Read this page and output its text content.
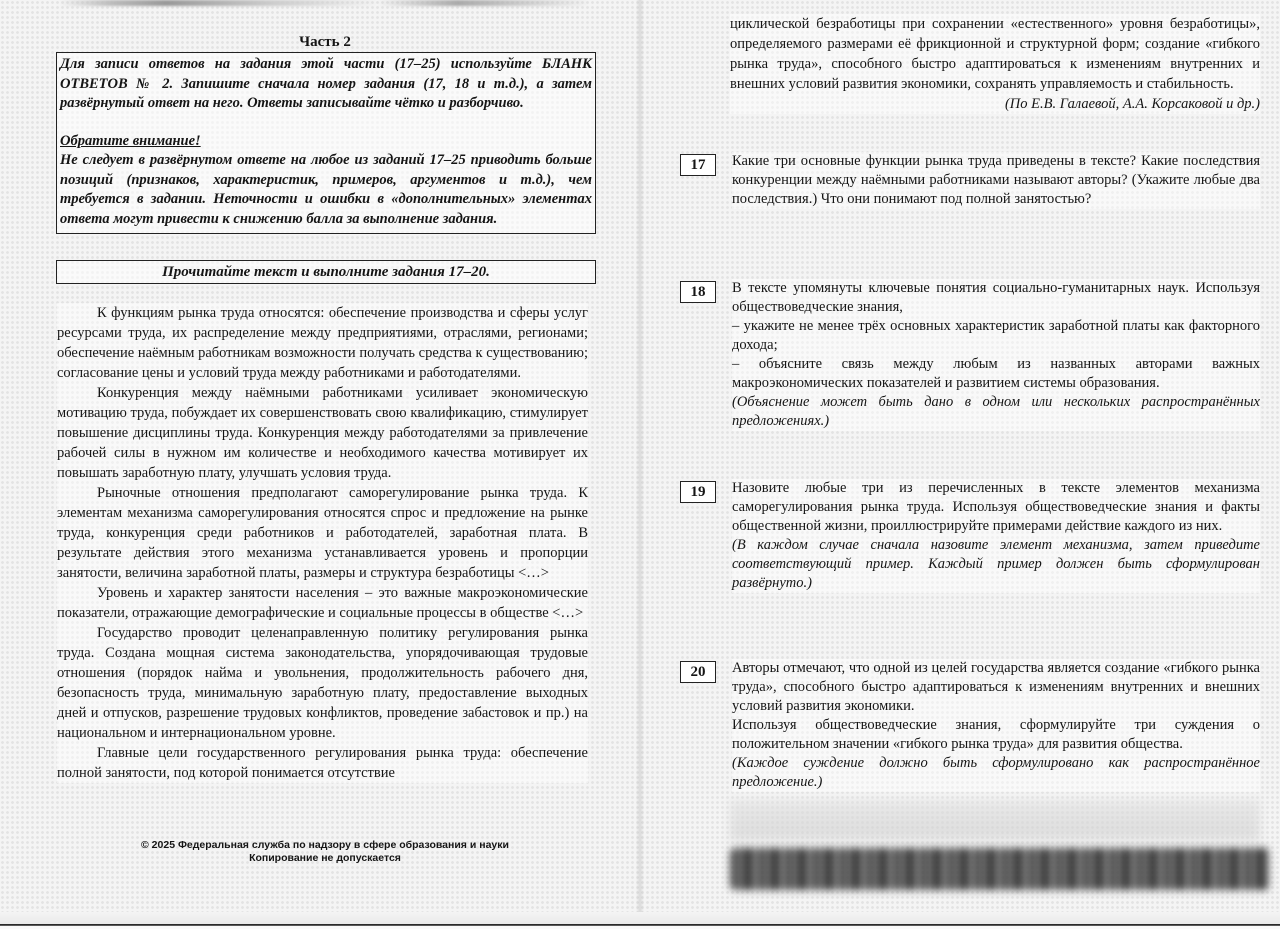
Часть 2

Для записи ответов на задания этой части (17–25) используйте БЛАНК ОТВЕТОВ № 2. Запишите сначала номер задания (17, 18 и т.д.), а затем развёрнутый ответ на него. Ответы записывайте чётко и разборчиво.

Обратите внимание!

Не следует в развёрнутом ответе на любое из заданий 17–25 приводить больше позиций (признаков, характеристик, примеров, аргументов и т.д.), чем требуется в задании. Неточности и ошибки в «дополнительных» элементах ответа могут привести к снижению балла за выполнение задания.

Прочитайте текст и выполните задания 17–20.

К функциям рынка труда относятся: обеспечение производства и сферы услуг ресурсами труда, их распределение между предприятиями, отраслями, регионами; обеспечение наёмным работникам возможности получать средства к существованию; согласование цены и условий труда между работниками и работодателями.

Конкуренция между наёмными работниками усиливает экономическую мотивацию труда, побуждает их совершенствовать свою квалификацию, стимулирует повышение дисциплины труда. Конкуренция между работодателями за привлечение рабочей силы в нужном им количестве и необходимого качества мотивирует их повышать заработную плату, улучшать условия труда.

Рыночные отношения предполагают саморегулирование рынка труда. К элементам механизма саморегулирования относятся спрос и предложение на рынке труда, конкуренция среди работников и работодателей, заработная плата. В результате действия этого механизма устанавливается уровень и пропорции занятости, величина заработной платы, размеры и структура безработицы <…>

Уровень и характер занятости населения – это важные макроэкономические показатели, отражающие демографические и социальные процессы в обществе <…>

Государство проводит целенаправленную политику регулирования рынка труда. Создана мощная система законодательства, упорядочивающая трудовые отношения (порядок найма и увольнения, продолжительность рабочего дня, безопасность труда, минимальную заработную плату, предоставление выходных дней и отпусков, разрешение трудовых конфликтов, проведение забастовок и пр.) на национальном и интернациональном уровне.

Главные цели государственного регулирования рынка труда: обеспечение полной занятости, под которой понимается отсутствие

© 2025 Федеральная служба по надзору в сфере образования и науки
Копирование не допускается

циклической безработицы при сохранении «естественного» уровня безработицы», определяемого размерами её фрикционной и структурной форм; создание «гибкого рынка труда», способного быстро адаптироваться к изменениям внутренних и внешних условий развития экономики, сохранять управляемость и стабильность.

(По Е.В. Галаевой, А.А. Корсаковой и др.)
17	Какие три основные функции рынка труда приведены в тексте? Какие последствия конкуренции между наёмными работниками называют авторы? (Укажите любые два последствия.) Что они понимают под полной занятостью?

18	В тексте упомянуты ключевые понятия социально-гуманитарных наук. Используя обществоведческие знания,

– укажите не менее трёх основных характеристик заработной платы как факторного дохода;

– объясните связь между любым из названных авторами важных макроэкономических показателей и развитием системы образования.

(Объяснение может быть дано в одном или нескольких распространённых предложениях.)

19	Назовите любые три из перечисленных в тексте элементов механизма саморегулирования рынка труда. Используя обществоведческие знания и факты общественной жизни, проиллюстрируйте примерами действие каждого из них.

(В каждом случае сначала назовите элемент механизма, затем приведите соответствующий пример. Каждый пример должен быть сформулирован развёрнуто.)

20	Авторы отмечают, что одной из целей государства является создание «гибкого рынка труда», способного быстро адаптироваться к изменениям внутренних и внешних условий развития экономики.

Используя обществоведческие знания, сформулируйте три суждения о положительном значении «гибкого рынка труда» для развития общества.

(Каждое суждение должно быть сформулировано как распространённое предложение.)
